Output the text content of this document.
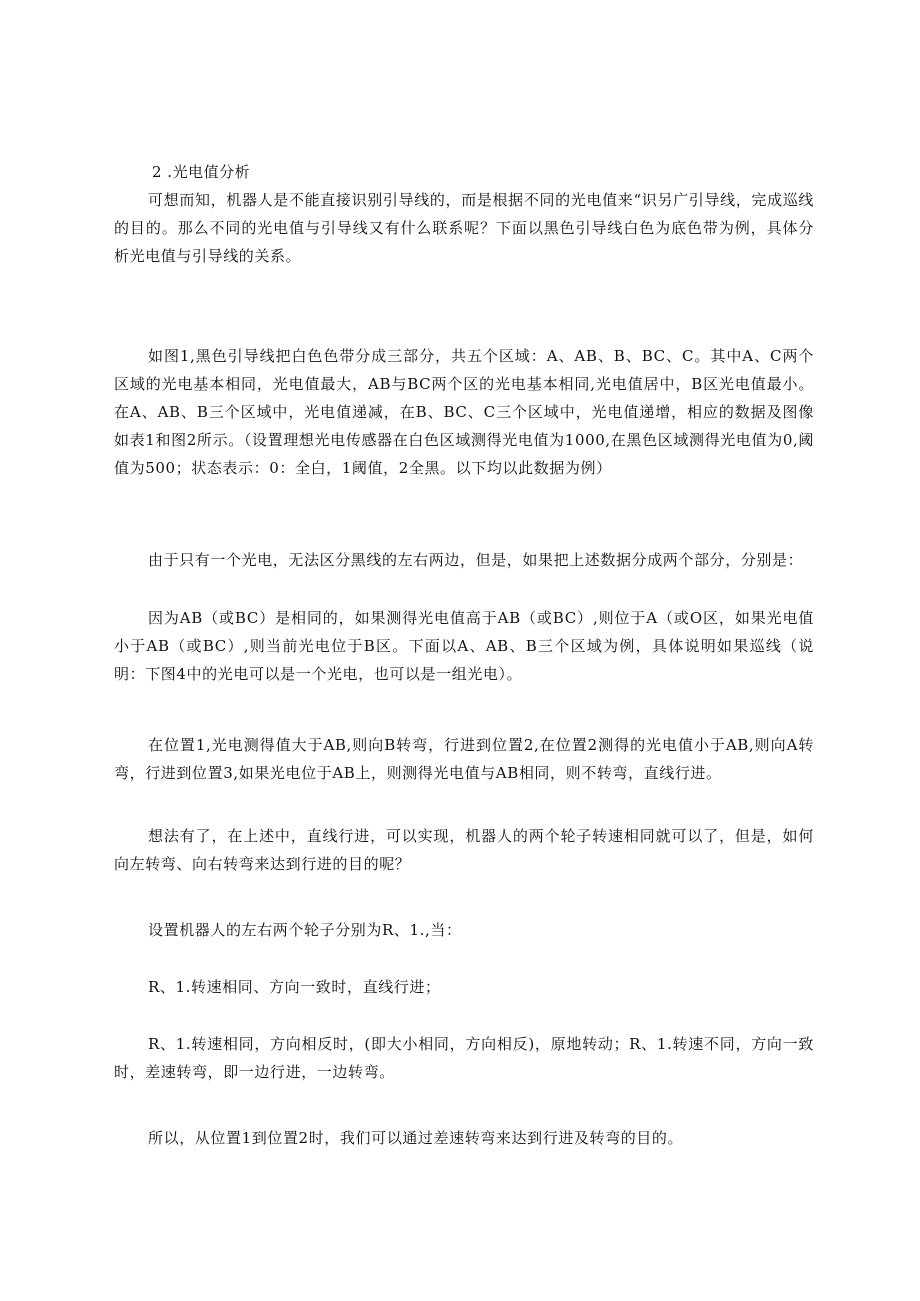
2 .光电值分析

可想而知，机器人是不能直接识别引导线的，而是根据不同的光电值来“识另广引导线，完成巡线的目的。那么不同的光电值与引导线又有什么联系呢？下面以黑色引导线白色为底色带为例，具体分析光电值与引导线的关系。

如图1,黑色引导线把白色色带分成三部分，共五个区域：A、AB、B、BC、C。其中A、C两个区域的光电基本相同，光电值最大，AB与BC两个区的光电基本相同,光电值居中，B区光电值最小。在A、AB、B三个区域中，光电值递减，在B、BC、C三个区域中，光电值递增，相应的数据及图像如表1和图2所示。（设置理想光电传感器在白色区域测得光电值为1000,在黑色区域测得光电值为0,阈值为500；状态表示：0：全白，1阈值，2全黑。以下均以此数据为例）

由于只有一个光电，无法区分黑线的左右两边，但是，如果把上述数据分成两个部分，分别是：

因为AB（或BC）是相同的，如果测得光电值高于AB（或BC）,则位于A（或O区，如果光电值小于AB（或BC）,则当前光电位于B区。下面以A、AB、B三个区域为例，具体说明如果巡线（说明：下图4中的光电可以是一个光电，也可以是一组光电）。

在位置1,光电测得值大于AB,则向B转弯，行进到位置2,在位置2测得的光电值小于AB,则向A转弯，行进到位置3,如果光电位于AB上，则测得光电值与AB相同，则不转弯，直线行进。

想法有了，在上述中，直线行进，可以实现，机器人的两个轮子转速相同就可以了，但是，如何向左转弯、向右转弯来达到行进的目的呢？

设置机器人的左右两个轮子分别为R、1.,当：

R、1.转速相同、方向一致时，直线行进；

R、1.转速相同，方向相反时，(即大小相同，方向相反)，原地转动；R、1.转速不同，方向一致时，差速转弯，即一边行进，一边转弯。

所以，从位置1到位置2时，我们可以通过差速转弯来达到行进及转弯的目的。
